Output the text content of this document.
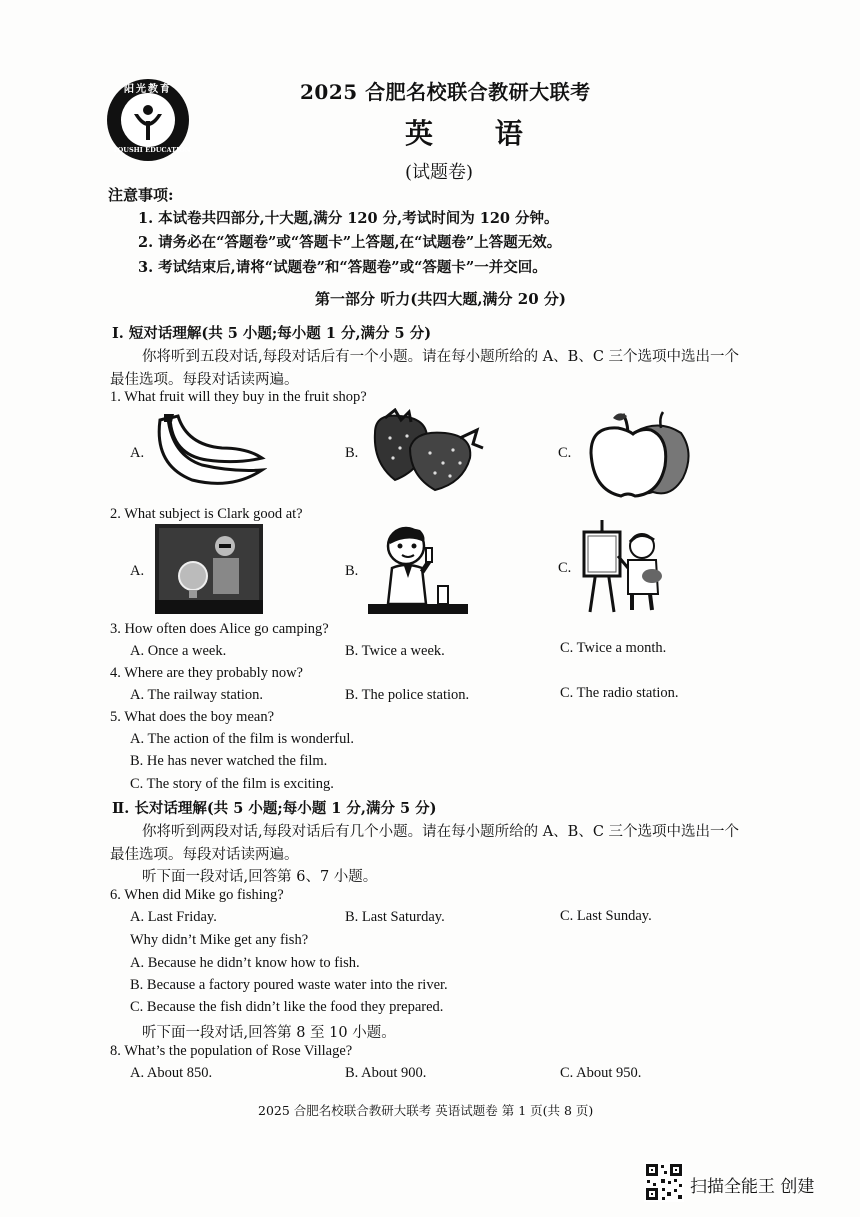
阳光教育
YOUSHI EDUCATION
2025 合肥名校联合教研大联考
英 语
(试题卷)
注意事项:
1. 本试卷共四部分,十大题,满分 120 分,考试时间为 120 分钟。
2. 请务必在“答题卷”或“答题卡”上答题,在“试题卷”上答题无效。
3. 考试结束后,请将“试题卷”和“答题卷”或“答题卡”一并交回。
第一部分 听力(共四大题,满分 20 分)
Ⅰ. 短对话理解(共 5 小题;每小题 1 分,满分 5 分)
你将听到五段对话,每段对话后有一个小题。请在每小题所给的 A、B、C 三个选项中选出一个
最佳选项。每段对话读两遍。
1. What fruit will they buy in the fruit shop?
A.	B.	C.
2. What subject is Clark good at?
A.	B.	C.
3. How often does Alice go camping?
A. Once a week.	B. Twice a week.	C. Twice a month.
4. Where are they probably now?
A. The railway station.	B. The police station.	C. The radio station.
5. What does the boy mean?
A. The action of the film is wonderful.
B. He has never watched the film.
C. The story of the film is exciting.
Ⅱ. 长对话理解(共 5 小题;每小题 1 分,满分 5 分)
你将听到两段对话,每段对话后有几个小题。请在每小题所给的 A、B、C 三个选项中选出一个
最佳选项。每段对话读两遍。
听下面一段对话,回答第 6、7 小题。
6. When did Mike go fishing?
A. Last Friday.	B. Last Saturday.	C. Last Sunday.
Why didn’t Mike get any fish?
A. Because he didn’t know how to fish.
B. Because a factory poured waste water into the river.
C. Because the fish didn’t like the food they prepared.
听下面一段对话,回答第 8 至 10 小题。
8. What’s the population of Rose Village?
A. About 850.	B. About 900.	C. About 950.
2025 合肥名校联合教研大联考 英语试题卷 第 1 页(共 8 页)
扫描全能王 创建
